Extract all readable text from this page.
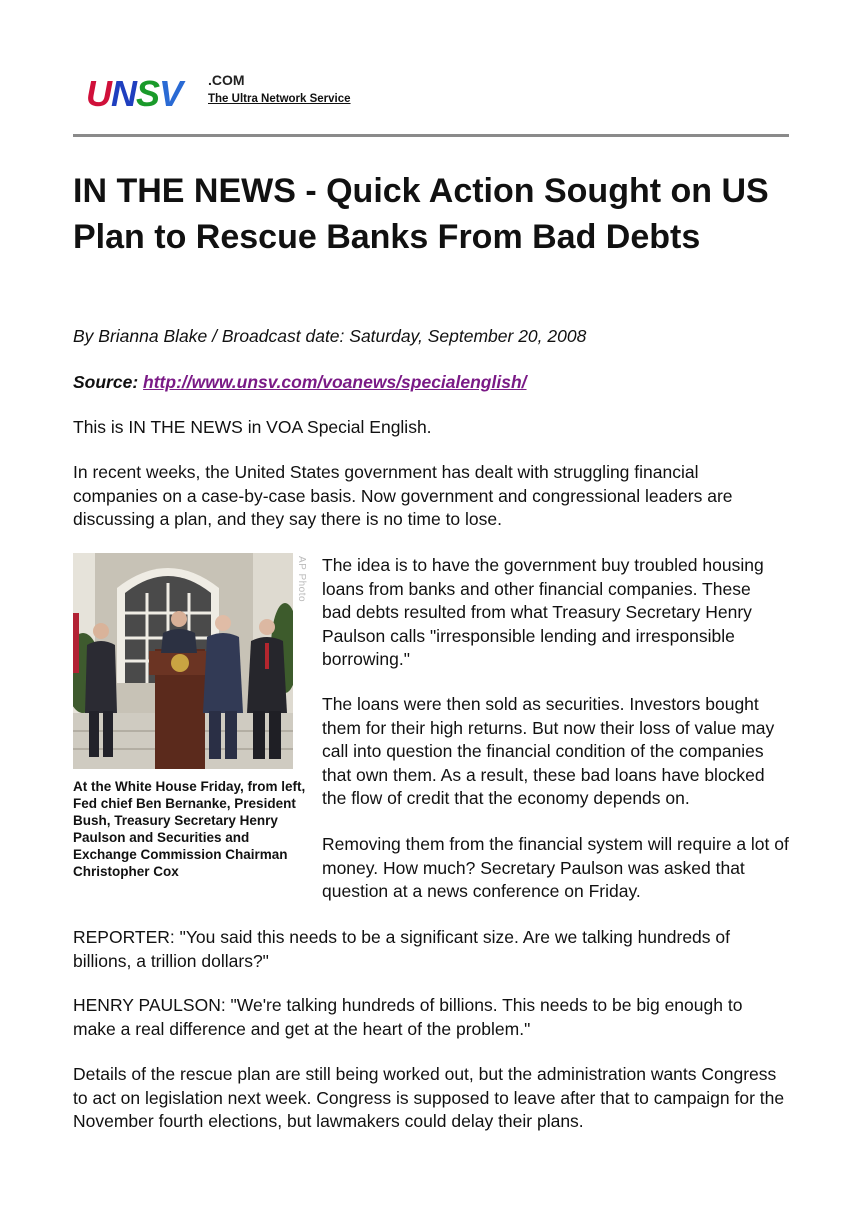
UNSV .COM
The Ultra Network Service
IN THE NEWS - Quick Action Sought on US Plan to Rescue Banks From Bad Debts
By Brianna Blake / Broadcast date: Saturday, September 20, 2008
Source: http://www.unsv.com/voanews/specialenglish/

This is IN THE NEWS in VOA Special English.

In recent weeks, the United States government has dealt with struggling financial companies on a case-by-case basis. Now government and congressional leaders are discussing a plan, and they say there is no time to lose.

AP Photo

At the White House Friday, from left, Fed chief Ben Bernanke, President Bush, Treasury Secretary Henry Paulson and Securities and Exchange Commission Chairman Christopher Cox

The idea is to have the government buy troubled housing loans from banks and other financial companies. These bad debts resulted from what Treasury Secretary Henry Paulson calls "irresponsible lending and irresponsible borrowing."

The loans were then sold as securities. Investors bought them for their high returns. But now their loss of value may call into question the financial condition of the companies that own them. As a result, these bad loans have blocked the flow of credit that the economy depends on.

Removing them from the financial system will require a lot of money. How much? Secretary Paulson was asked that question at a news conference on Friday.

REPORTER: "You said this needs to be a significant size. Are we talking hundreds of billions, a trillion dollars?"

HENRY PAULSON: "We're talking hundreds of billions. This needs to be big enough to make a real difference and get at the heart of the problem."

Details of the rescue plan are still being worked out, but the administration wants Congress to act on legislation next week. Congress is supposed to leave after that to campaign for the November fourth elections, but lawmakers could delay their plans.
